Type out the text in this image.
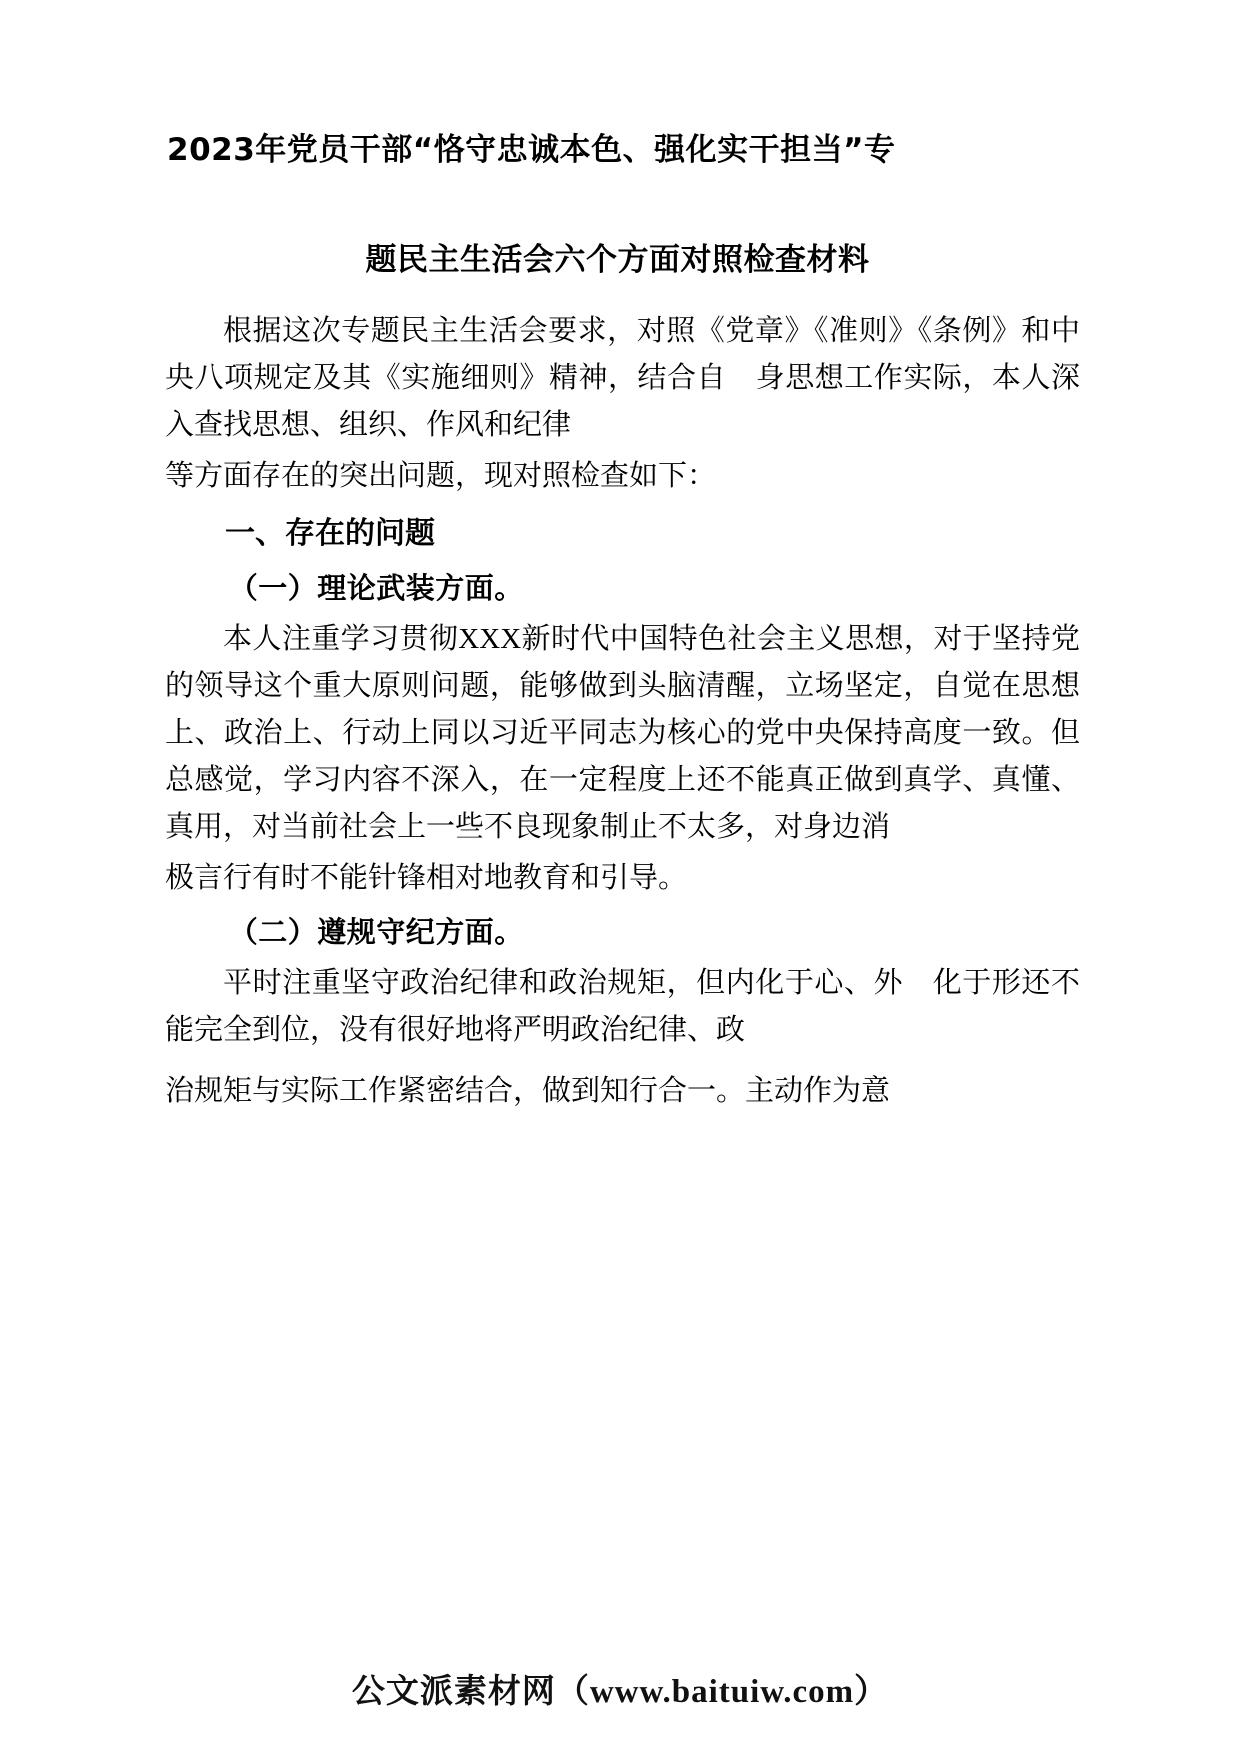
2023年党员干部“恪守忠诚本色、强化实干担当”专
题民主生活会六个方面对照检查材料

根据这次专题民主生活会要求，对照《党章》《准则》《条例》和中央八项规定及其《实施细则》精神，结合自　身思想工作实际，本人深入查找思想、组织、作风和纪律

等方面存在的突出问题，现对照检查如下：

一、存在的问题

（一）理论武装方面。

本人注重学习贯彻XXX新时代中国特色社会主义思想，对于坚持党的领导这个重大原则问题，能够做到头脑清醒，立场坚定，自觉在思想上、政治上、行动上同以习近平同志为核心的党中央保持高度一致。但总感觉，学习内容不深入，在一定程度上还不能真正做到真学、真懂、真用，对当前社会上一些不良现象制止不太多，对身边消

极言行有时不能针锋相对地教育和引导。

（二）遵规守纪方面。

平时注重坚守政治纪律和政治规矩，但内化于心、外　化于形还不能完全到位，没有很好地将严明政治纪律、政

治规矩与实际工作紧密结合，做到知行合一。主动作为意

公文派素材网（www.baituiw.com）
